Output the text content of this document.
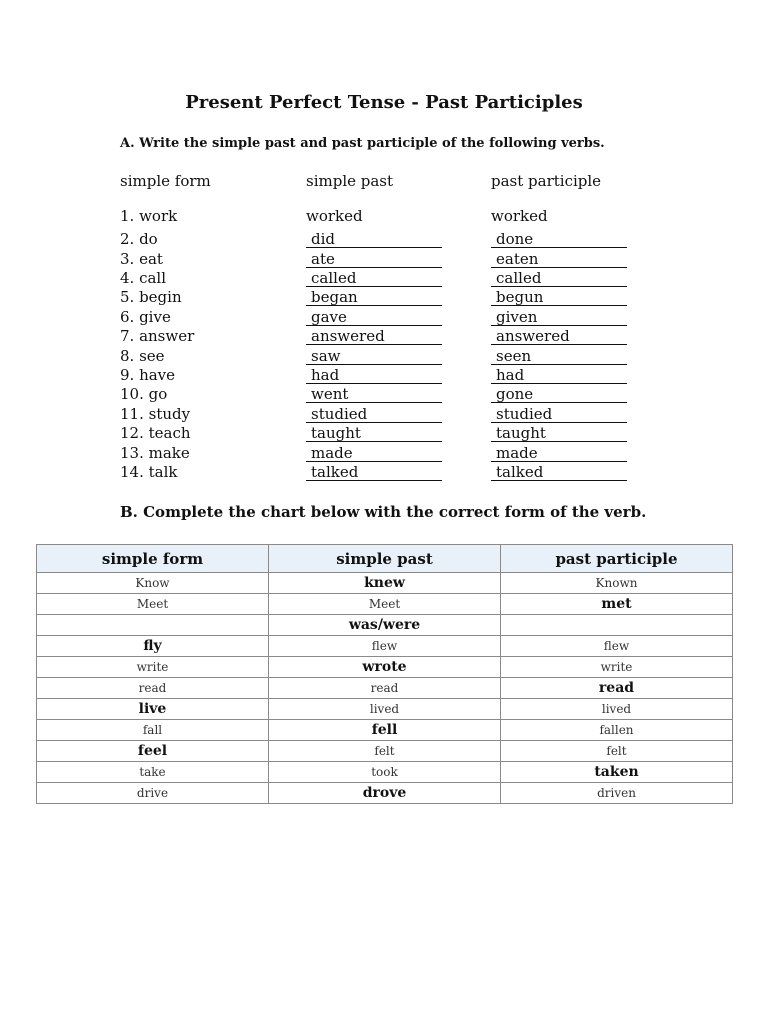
Present Perfect Tense - Past Participles
A. Write the simple past and past participle of the following verbs.
simple form	simple past	past participle
1. work	worked	worked
2. do	did	done
3. eat	ate	eaten
4. call	called	called
5. begin	began	begun
6. give	gave	given
7. answer	answered	answered
8. see	saw	seen
9. have	had	had
10. go	went	gone
11. study	studied	studied
12. teach	taught	taught
13. make	made	made
14. talk	talked	talked
B. Complete the chart below with the correct form of the verb.
simple form	simple past	past participle
Know	knew	Known
Meet	Meet	met
	was/were	
fly	flew	flew
write	wrote	write
read	read	read
live	lived	lived
fall	fell	fallen
feel	felt	felt
take	took	taken
drive	drove	driven
